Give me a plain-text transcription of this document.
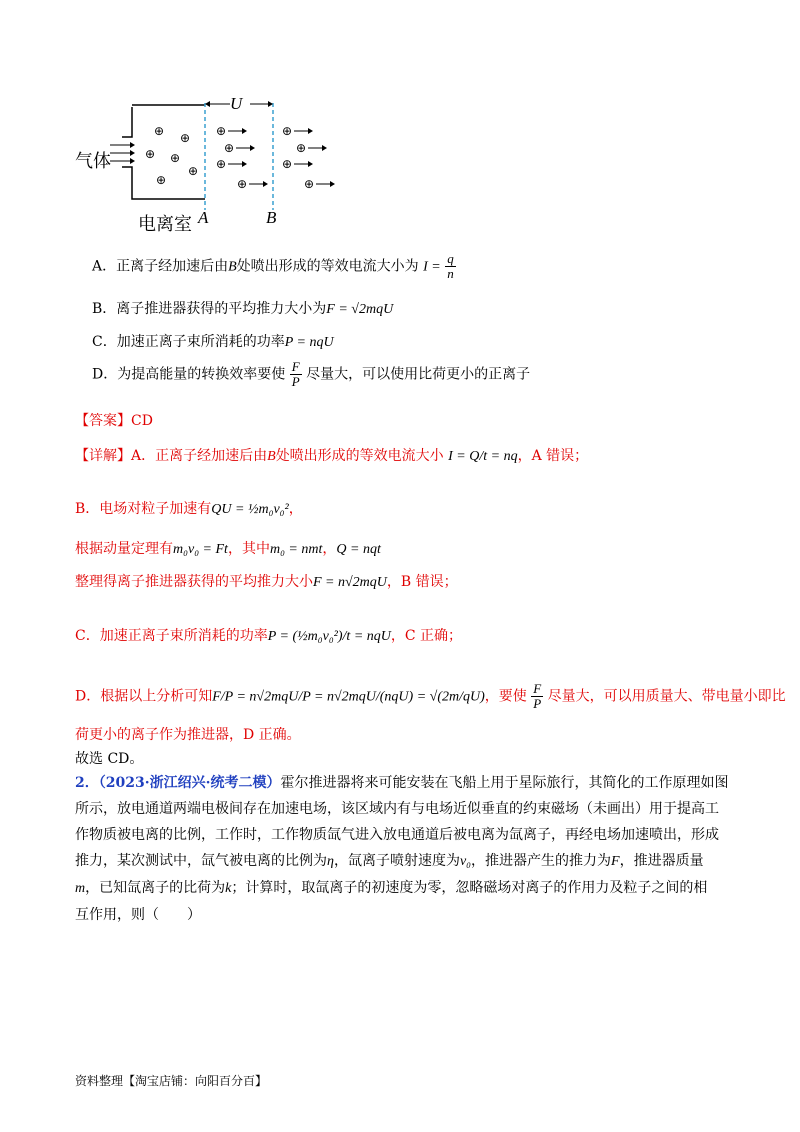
⊕ ⊕
⊕ ⊕
⊕
⊕
⊕
⊕
⊕
⊕
⊕
⊕
⊕
⊕
U
气体
电离室 A	B
A．正离子经加速后由B处喷出形成的等效电流大小为 $I = \frac{q}{n}$
B．离子推进器获得的平均推力大小为F = √2mqU
C．加速正离子束所消耗的功率P = nqU
D．为提高能量的转换效率要使 $\frac{F}{P}$ 尽量大，可以使用比荷更小的正离子
【答案】CD
【详解】A．正离子经加速后由B处喷出形成的等效电流大小 I = Q/t = nq，A 错误；
B．电场对粒子加速有QU = ½m₀v₀²，
根据动量定理有m₀v₀ = Ft，其中m₀ = nmt，Q = nqt
整理得离子推进器获得的平均推力大小F = n√2mqU，B 错误；
C．加速正离子束所消耗的功率P = (½m₀v₀²)/t = nqU，C 正确；
D．根据以上分析可知F/P = n√2mqU/P = n√2mqU/(nqU) = √(2m/qU)，要使 $\frac{F}{P}$ 尽量大，可以用质量大、带电量小即比
荷更小的离子作为推进器，D 正确。
故选 CD。
2．（2023·浙江绍兴·统考二模）霍尔推进器将来可能安装在飞船上用于星际旅行，其简化的工作原理如图
所示，放电通道两端电极间存在加速电场，该区域内有与电场近似垂直的约束磁场（未画出）用于提高工
作物质被电离的比例，工作时，工作物质氙气进入放电通道后被电离为氙离子，再经电场加速喷出，形成
推力，某次测试中，氙气被电离的比例为η，氙离子喷射速度为v₀，推进器产生的推力为F，推进器质量
m，已知氙离子的比荷为k；计算时，取氙离子的初速度为零，忽略磁场对离子的作用力及粒子之间的相
互作用，则（　　）
资料整理【淘宝店铺：向阳百分百】
